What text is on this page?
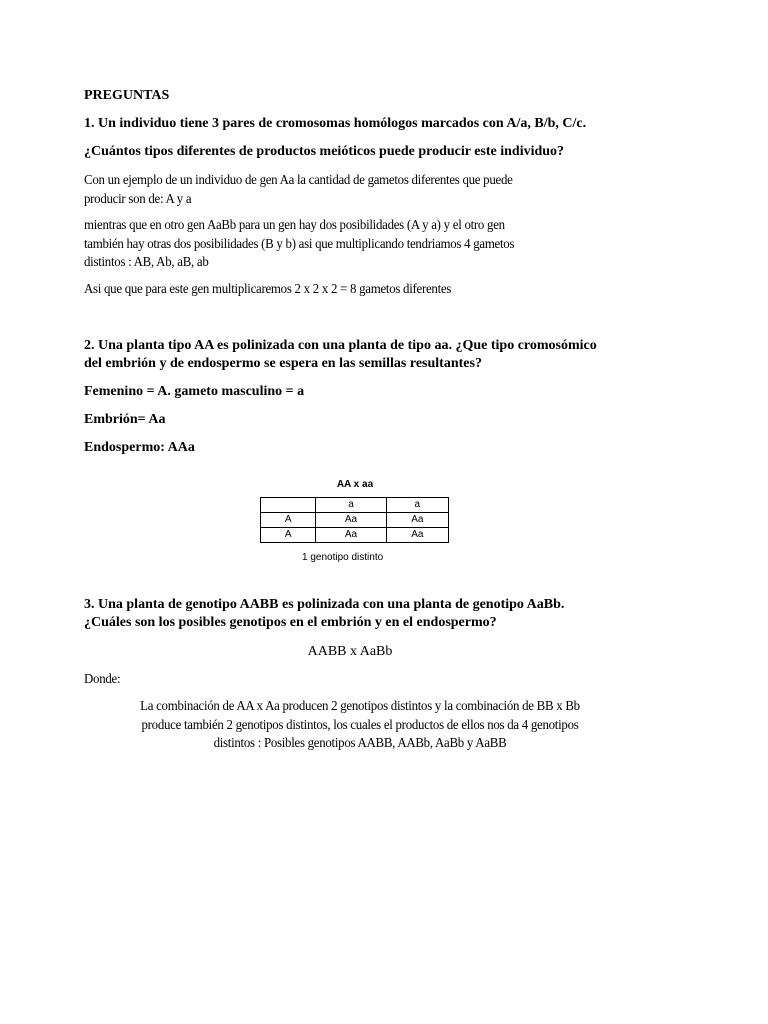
PREGUNTAS
1. Un individuo tiene 3 pares de cromosomas homólogos marcados con A/a, B/b, C/c.
¿Cuántos tipos diferentes de productos meióticos puede producir este individuo?
Con un ejemplo de un individuo de gen Aa la cantidad de gametos diferentes que puede
producir son de: A y a
mientras que en otro gen AaBb para un gen hay dos posibilidades (A y a) y el otro gen
también hay otras dos posibilidades (B y b) asi que multiplicando tendriamos 4 gametos
distintos : AB, Ab, aB, ab
Asi que que para este gen multiplicaremos 2 x 2 x 2 = 8 gametos diferentes
2. Una planta tipo AA es polinizada con una planta de tipo aa. ¿Que tipo cromosómico
del embrión y de endospermo se espera en las semillas resultantes?
Femenino = A. gameto masculino = a
Embrión= Aa
Endospermo: AAa
AA x aa
	a	a
A	Aa	Aa
A	Aa	Aa
1 genotipo distinto
3. Una planta de genotipo AABB es polinizada con una planta de genotipo AaBb.
¿Cuáles son los posibles genotipos en el embrión y en el endospermo?
AABB x AaBb
Donde:
La combinación de AA x Aa producen 2 genotipos distintos y la combinación de BB x Bb
produce también 2 genotipos distintos, los cuales el productos de ellos nos da 4 genotipos
distintos : Posibles genotipos AABB, AABb, AaBb y AaBB
